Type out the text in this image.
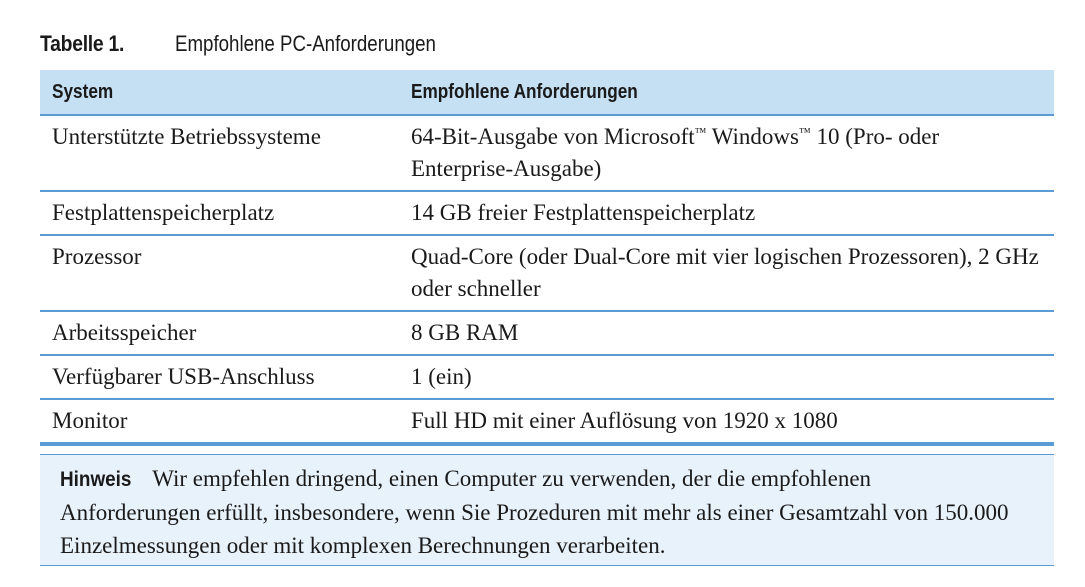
Tabelle 1.	Empfohlene PC-Anforderungen
System	Empfohlene Anforderungen
Unterstützte Betriebssysteme	64-Bit-Ausgabe von Microsoft™ Windows™ 10 (Pro- oder Enterprise-Ausgabe)
Festplattenspeicherplatz	14 GB freier Festplattenspeicherplatz
Prozessor	Quad-Core (oder Dual-Core mit vier logischen Prozessoren), 2 GHz oder schneller
Arbeitsspeicher	8 GB RAM
Verfügbarer USB-Anschluss	1 (ein)
Monitor	Full HD mit einer Auflösung von 1920 x 1080
Hinweis Wir empfehlen dringend, einen Computer zu verwenden, der die empfohlenen Anforderungen erfüllt, insbesondere, wenn Sie Prozeduren mit mehr als einer Gesamtzahl von 150.000 Einzelmessungen oder mit komplexen Berechnungen verarbeiten.
